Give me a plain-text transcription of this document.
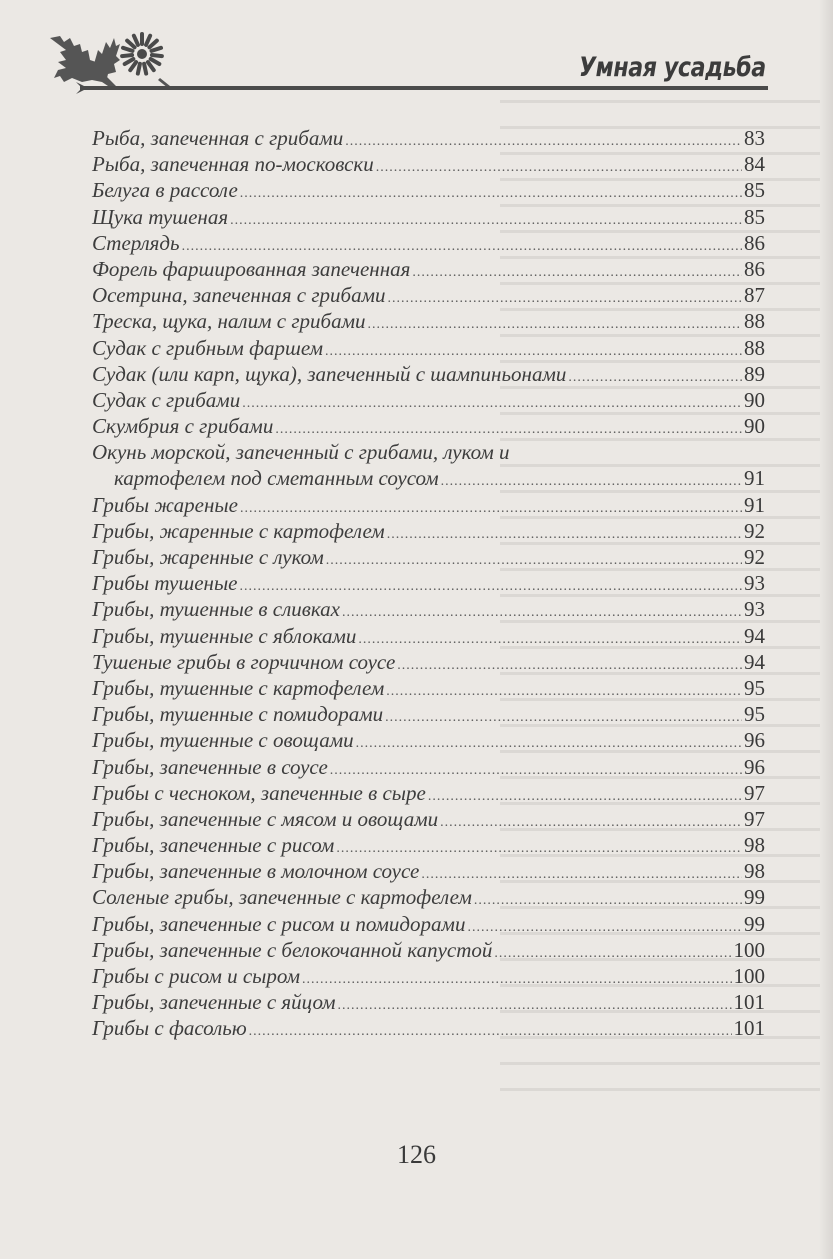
Умная усадьба
Рыба, запеченная с грибами .....	83
Рыба, запеченная по-московски .....	84
Белуга в рассоле .....	85
Щука тушеная .....	85
Стерлядь .....	86
Форель фаршированная запеченная .....	86
Осетрина, запеченная с грибами .....	87
Треска, щука, налим с грибами .....	88
Судак с грибным фаршем .....	88
Судак (или карп, щука), запеченный с шампиньонами .....	89
Судак с грибами .....	90
Скумбрия с грибами .....	90
Окунь морской, запеченный с грибами, луком и
картофелем под сметанным соусом .....	91
Грибы жареные .....	91
Грибы, жаренные с картофелем .....	92
Грибы, жаренные с луком .....	92
Грибы тушеные .....	93
Грибы, тушенные в сливках .....	93
Грибы, тушенные с яблоками .....	94
Тушеные грибы в горчичном соусе .....	94
Грибы, тушенные с картофелем .....	95
Грибы, тушенные с помидорами .....	95
Грибы, тушенные с овощами .....	96
Грибы, запеченные в соусе .....	96
Грибы с чесноком, запеченные в сыре .....	97
Грибы, запеченные с мясом и овощами .....	97
Грибы, запеченные с рисом .....	98
Грибы, запеченные в молочном соусе .....	98
Соленые грибы, запеченные с картофелем .....	99
Грибы, запеченные с рисом и помидорами .....	99
Грибы, запеченные с белокочанной капустой .....	100
Грибы с рисом и сыром .....	100
Грибы, запеченные с яйцом .....	101
Грибы с фасолью .....	101
126
